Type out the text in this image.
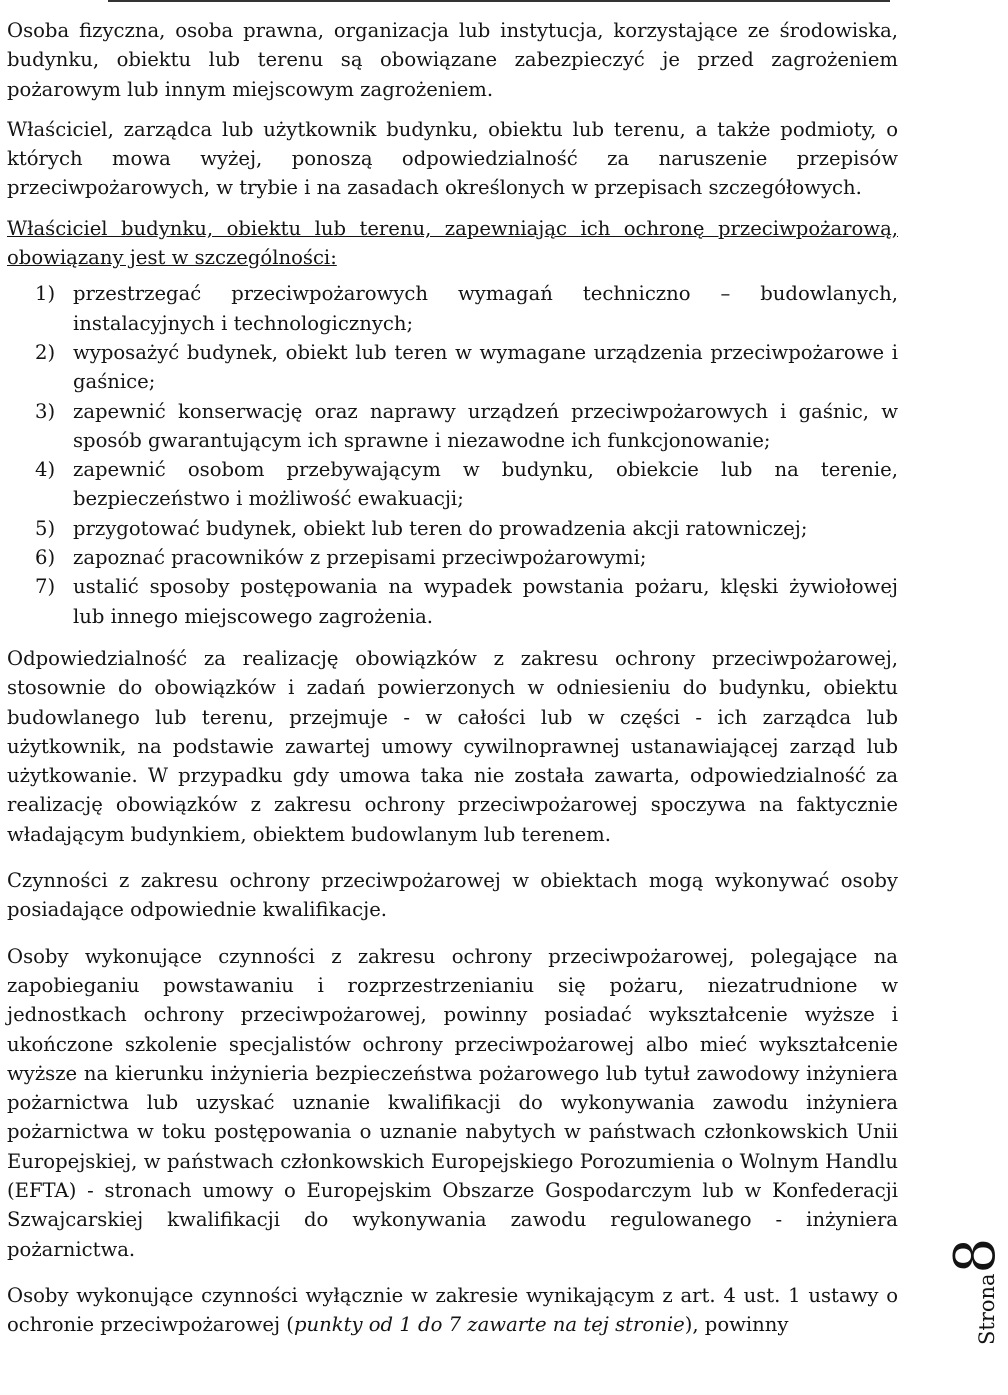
Osoba fizyczna, osoba prawna, organizacja lub instytucja, korzystające ze środowiska, budynku, obiektu lub terenu są obowiązane zabezpieczyć je przed zagrożeniem pożarowym lub innym miejscowym zagrożeniem.

Właściciel, zarządca lub użytkownik budynku, obiektu lub terenu, a także podmioty, o których mowa wyżej, ponoszą odpowiedzialność za naruszenie przepisów przeciwpożarowych, w trybie i na zasadach określonych w przepisach szczegółowych.

Właściciel budynku, obiektu lub terenu, zapewniając ich ochronę przeciwpożarową, obowiązany jest w szczególności:

1) przestrzegać przeciwpożarowych wymagań techniczno – budowlanych, instalacyjnych i technologicznych;
2) wyposażyć budynek, obiekt lub teren w wymagane urządzenia przeciwpożarowe i gaśnice;
3) zapewnić konserwację oraz naprawy urządzeń przeciwpożarowych i gaśnic, w sposób gwarantującym ich sprawne i niezawodne ich funkcjonowanie;
4) zapewnić osobom przebywającym w budynku, obiekcie lub na terenie, bezpieczeństwo i możliwość ewakuacji;
5) przygotować budynek, obiekt lub teren do prowadzenia akcji ratowniczej;
6) zapoznać pracowników z przepisami przeciwpożarowymi;
7) ustalić sposoby postępowania na wypadek powstania pożaru, klęski żywiołowej lub innego miejscowego zagrożenia.

Odpowiedzialność za realizację obowiązków z zakresu ochrony przeciwpożarowej, stosownie do obowiązków i zadań powierzonych w odniesieniu do budynku, obiektu budowlanego lub terenu, przejmuje - w całości lub w części - ich zarządca lub użytkownik, na podstawie zawartej umowy cywilnoprawnej ustanawiającej zarząd lub użytkowanie. W przypadku gdy umowa taka nie została zawarta, odpowiedzialność za realizację obowiązków z zakresu ochrony przeciwpożarowej spoczywa na faktycznie władającym budynkiem, obiektem budowlanym lub terenem.

Czynności z zakresu ochrony przeciwpożarowej w obiektach mogą wykonywać osoby posiadające odpowiednie kwalifikacje.

Osoby wykonujące czynności z zakresu ochrony przeciwpożarowej, polegające na zapobieganiu powstawaniu i rozprzestrzenianiu się pożaru, niezatrudnione w jednostkach ochrony przeciwpożarowej, powinny posiadać wykształcenie wyższe i ukończone szkolenie specjalistów ochrony przeciwpożarowej albo mieć wykształcenie wyższe na kierunku inżynieria bezpieczeństwa pożarowego lub tytuł zawodowy inżyniera pożarnictwa lub uzyskać uznanie kwalifikacji do wykonywania zawodu inżyniera pożarnictwa w toku postępowania o uznanie nabytych w państwach członkowskich Unii Europejskiej, w państwach członkowskich Europejskiego Porozumienia o Wolnym Handlu (EFTA) - stronach umowy o Europejskim Obszarze Gospodarczym lub w Konfederacji Szwajcarskiej kwalifikacji do wykonywania zawodu regulowanego - inżyniera pożarnictwa.

Osoby wykonujące czynności wyłącznie w zakresie wynikającym z art. 4 ust. 1 ustawy o ochronie przeciwpożarowej (punkty od 1 do 7 zawarte na tej stronie), powinny	Strona8
